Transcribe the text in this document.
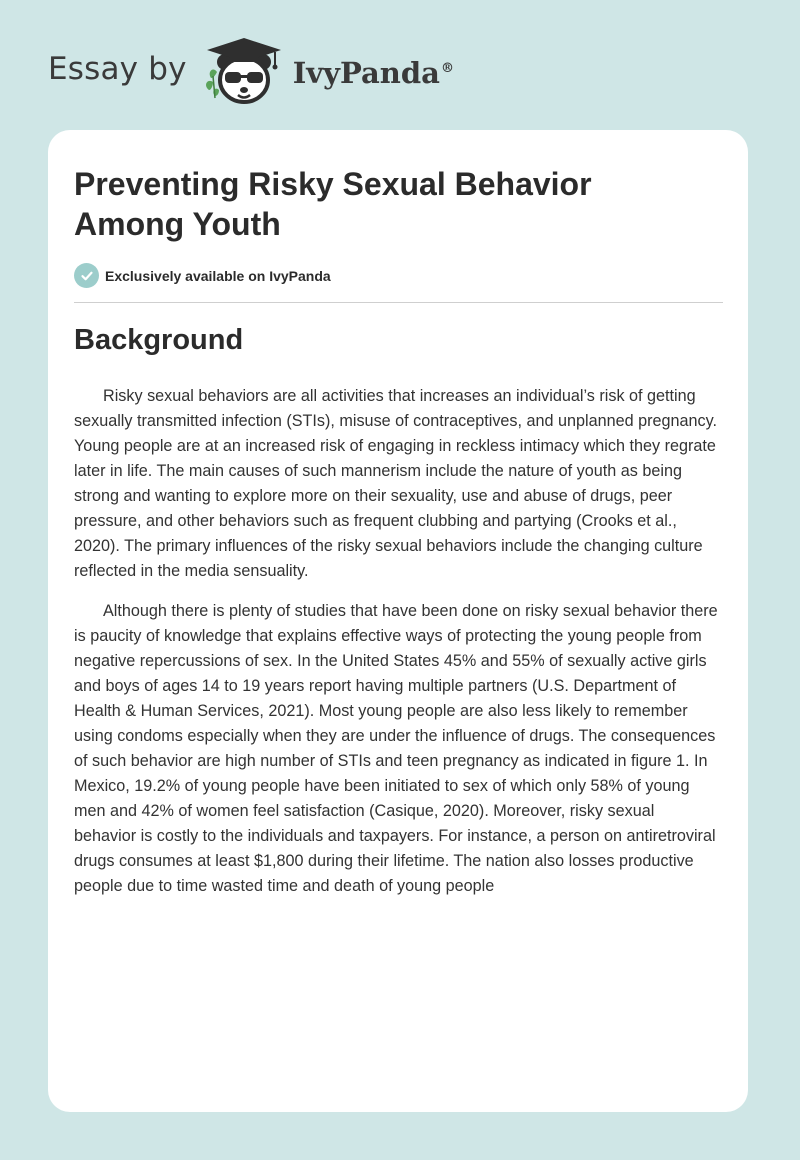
Essay by	IvyPanda®
Preventing Risky Sexual Behavior Among Youth
Exclusively available on IvyPanda
Background

Risky sexual behaviors are all activities that increases an individual’s risk of getting sexually transmitted infection (STIs), misuse of contraceptives, and unplanned pregnancy. Young people are at an increased risk of engaging in reckless intimacy which they regrate later in life. The main causes of such mannerism include the nature of youth as being strong and wanting to explore more on their sexuality, use and abuse of drugs, peer pressure, and other behaviors such as frequent clubbing and partying (Crooks et al., 2020). The primary influences of the risky sexual behaviors include the changing culture reflected in the media sensuality.

Although there is plenty of studies that have been done on risky sexual behavior there is paucity of knowledge that explains effective ways of protecting the young people from negative repercussions of sex. In the United States 45% and 55% of sexually active girls and boys of ages 14 to 19 years report having multiple partners (U.S. Department of Health & Human Services, 2021). Most young people are also less likely to remember using condoms especially when they are under the influence of drugs. The consequences of such behavior are high number of STIs and teen pregnancy as indicated in figure 1. In Mexico, 19.2% of young people have been initiated to sex of which only 58% of young men and 42% of women feel satisfaction (Casique, 2020). Moreover, risky sexual behavior is costly to the individuals and taxpayers. For instance, a person on antiretroviral drugs consumes at least $1,800 during their lifetime. The nation also losses productive people due to time wasted time and death of young people
